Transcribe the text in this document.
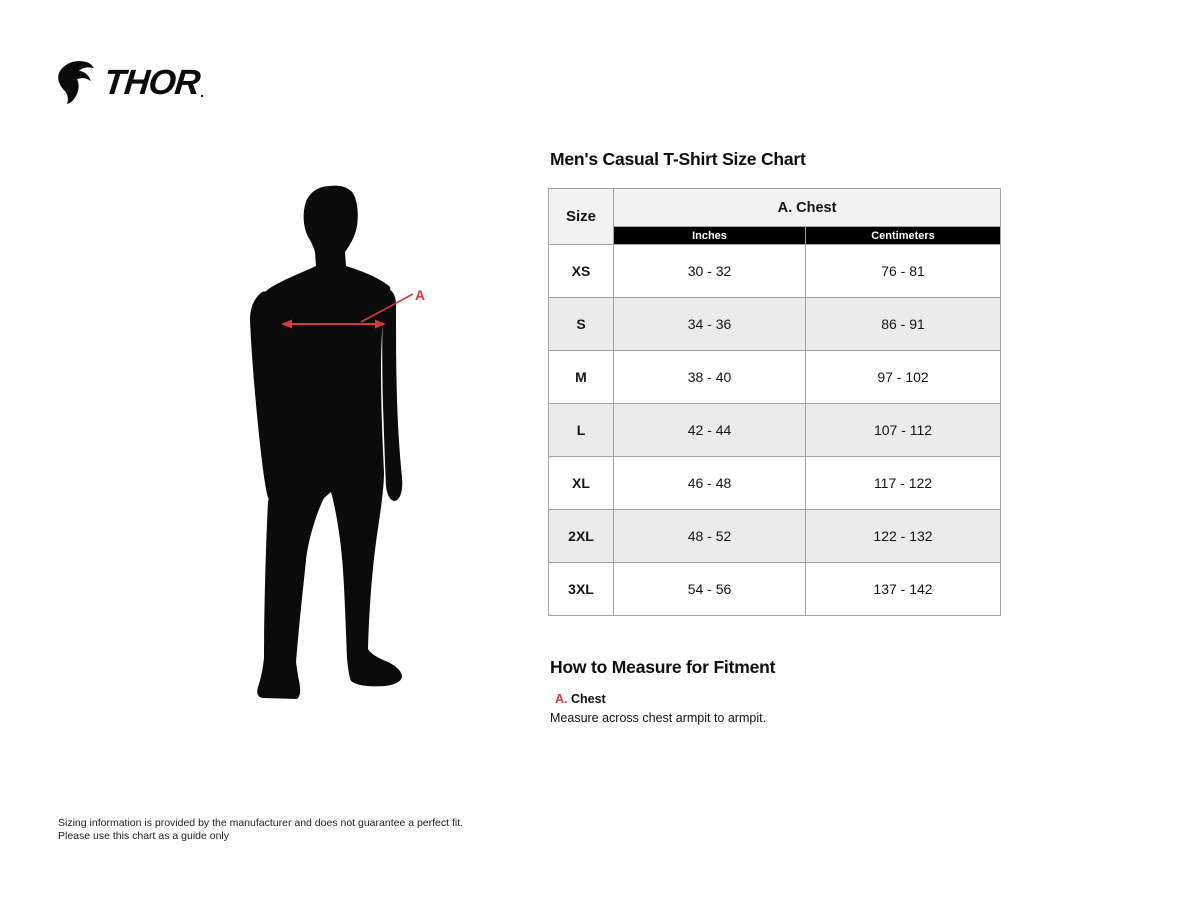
THOR
.
A
Men's Casual T-Shirt Size Chart
Size	A. Chest	
	Inches	Centimeters
XS	30 - 32	76 - 81
S	34 - 36	86 - 91
M	38 - 40	97 - 102
L	42 - 44	107 - 112
XL	46 - 48	117 - 122
2XL	48 - 52	122 - 132
3XL	54 - 56	137 - 142
How to Measure for Fitment
A. Chest
Measure across chest armpit to armpit.
Sizing information is provided by the manufacturer and does not guarantee a perfect fit.
Please use this chart as a guide only
